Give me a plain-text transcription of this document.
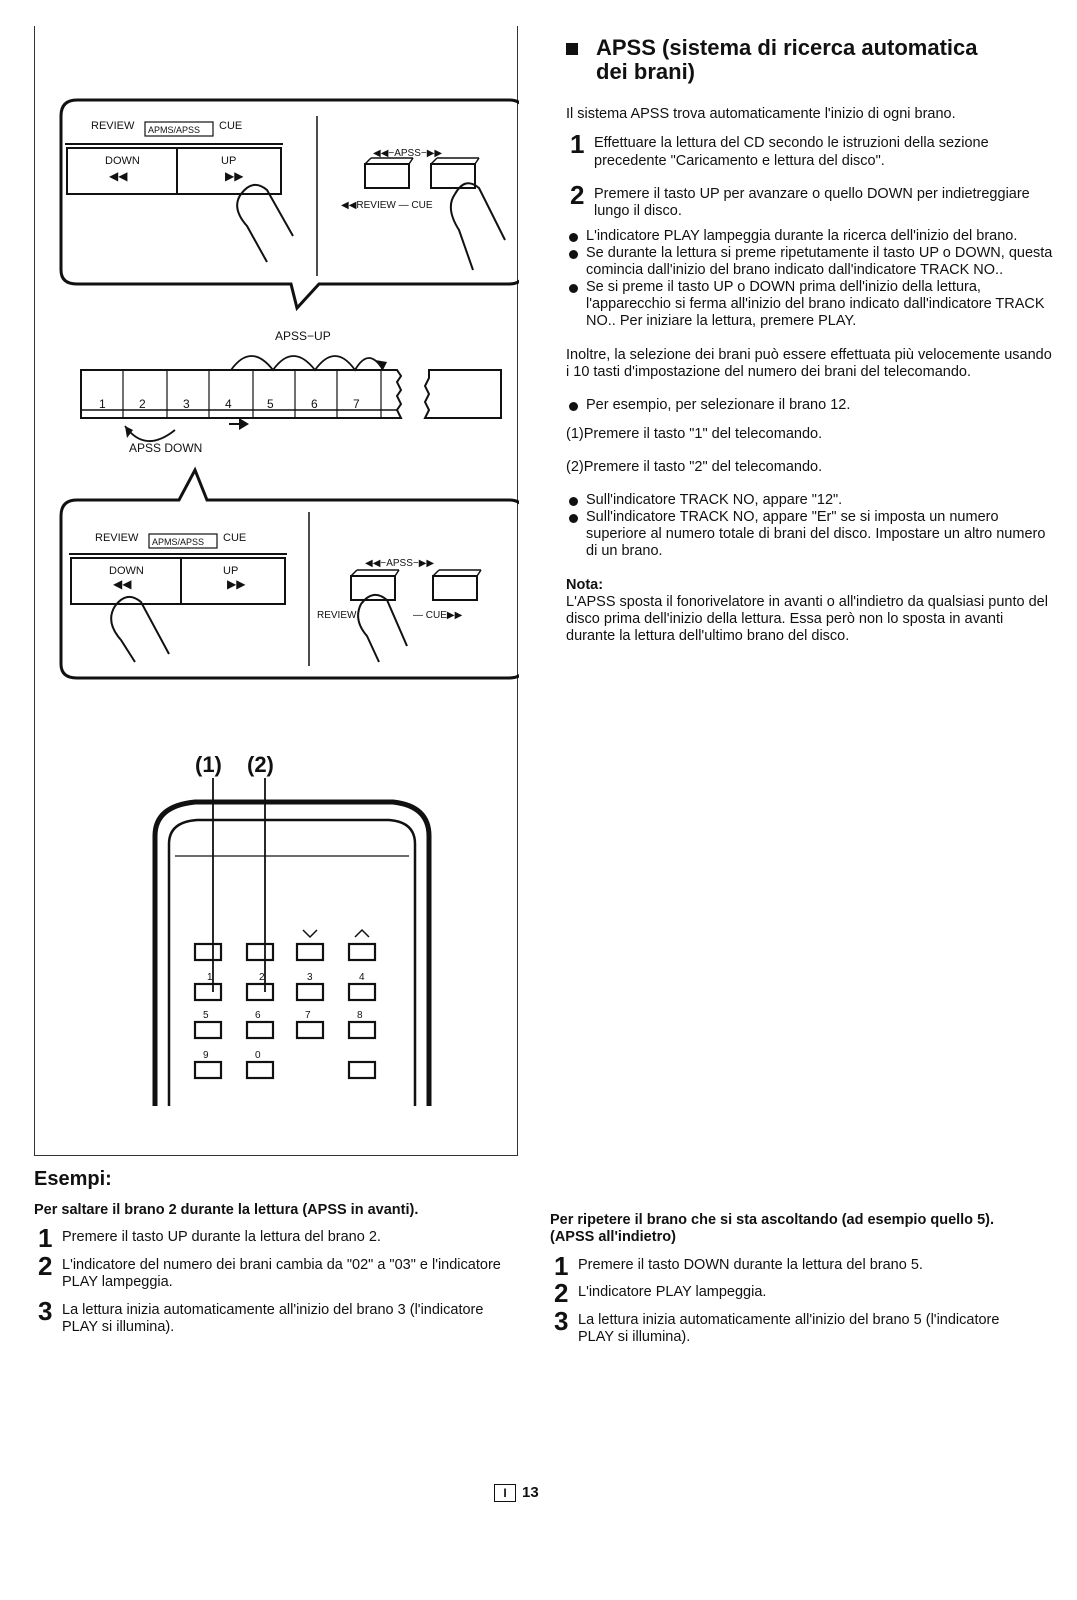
REVIEW APMS/APSS CUE
DOWN
◀◀
UP
▶▶
◀◀−APSS−▶▶
◀◀REVIEW — CUE
APSS−UP
1	2	3	4	5	6	7
APSS DOWN
REVIEW APMS/APSS CUE
DOWN
◀◀
UP
▶▶
◀◀−APSS−▶▶
REVIEW	— CUE▶▶
(1) (2)
1	2	3	4
5	6	7	8
9	0
APSS (sistema di ricerca automatica
dei brani)

Il sistema APSS trova automaticamente l'inizio di ogni brano.

1 Effettuare la lettura del CD secondo le istruzioni della sezione precedente "Caricamento e lettura del disco".
2 Premere il tasto UP per avanzare o quello DOWN per indietreggiare lungo il disco.
L'indicatore PLAY lampeggia durante la ricerca dell'inizio del brano.
Se durante la lettura si preme ripetutamente il tasto UP o DOWN, questa comincia dall'inizio del brano indicato dall'indicatore TRACK NO..
Se si preme il tasto UP o DOWN prima dell'inizio della lettura, l'apparecchio si ferma all'inizio del brano indicato dall'indicatore TRACK NO.. Per iniziare la lettura, premere PLAY.

Inoltre, la selezione dei brani può essere effettuata più velocemente usando i 10 tasti d'impostazione del numero dei brani del telecomando.

Per esempio, per selezionare il brano 12.

(1)Premere il tasto "1" del telecomando.

(2)Premere il tasto "2" del telecomando.

Sull'indicatore TRACK NO, appare "12".
Sull'indicatore TRACK NO, appare "Er" se si imposta un numero superiore al numero totale di brani del disco. Impostare un altro numero di un brano.

Nota:

L'APSS sposta il fonorivelatore in avanti o all'indietro da qualsiasi punto del disco prima dell'inizio della lettura. Essa però non lo sposta in avanti durante la lettura dell'ultimo brano del disco.

Esempi:
Per saltare il brano 2 durante la lettura (APSS in avanti).
1 Premere il tasto UP durante la lettura del brano 2.
2 L'indicatore del numero dei brani cambia da "02" a "03" e l'indicatore PLAY lampeggia.
3 La lettura inizia automaticamente all'inizio del brano 3 (l'indicatore PLAY si illumina).
Per ripetere il brano che si sta ascoltando (ad esempio quello 5). (APSS all'indietro)
1 Premere il tasto DOWN durante la lettura del brano 5.
2 L'indicatore PLAY lampeggia.
3 La lettura inizia automaticamente all'inizio del brano 5 (l'indicatore PLAY si illumina).
I 13
